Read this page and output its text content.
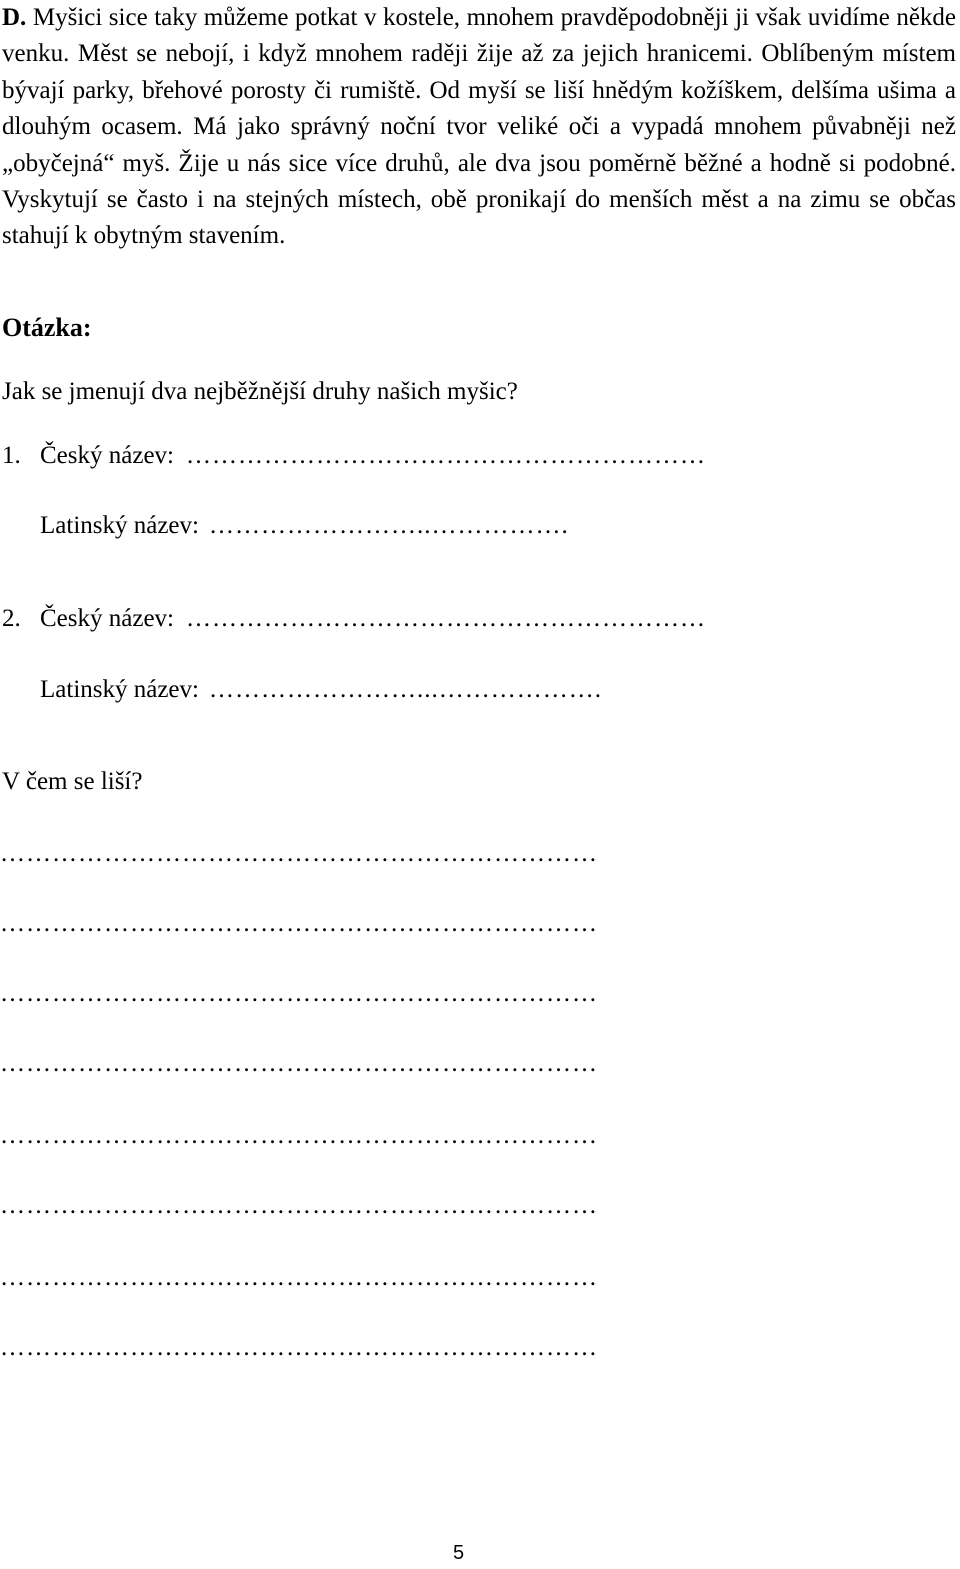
D. Myšici sice taky můžeme potkat v kostele, mnohem pravděpodobněji ji však uvidíme někde venku. Měst se nebojí, i když mnohem raději žije až za jejich hranicemi. Oblíbeným místem bývají parky, břehové porosty či rumiště. Od myší se liší hnědým kožíškem, delšíma ušima a dlouhým ocasem. Má jako správný noční tvor veliké oči a vypadá mnohem půvabněji než „obyčejná“ myš. Žije u nás sice více druhů, ale dva jsou poměrně běžné a hodně si podobné. Vyskytují se často i na stejných místech, obě pronikají do menších měst a na zimu se občas stahují k obytným stavením.

Otázka:

Jak se jmenují dva nejběžnější druhy našich myšic?

1. Český název: ……………………………………………………
Latinský název: ……………………..…………….
2. Český název: ……………………………………………………
Latinský název: ……………………...……………….

V čem se liší?

……………………………………………………………
……………………………………………………………
……………………………………………………………
……………………………………………………………
……………………………………………………………
……………………………………………………………
……………………………………………………………
……………………………………………………………
5
